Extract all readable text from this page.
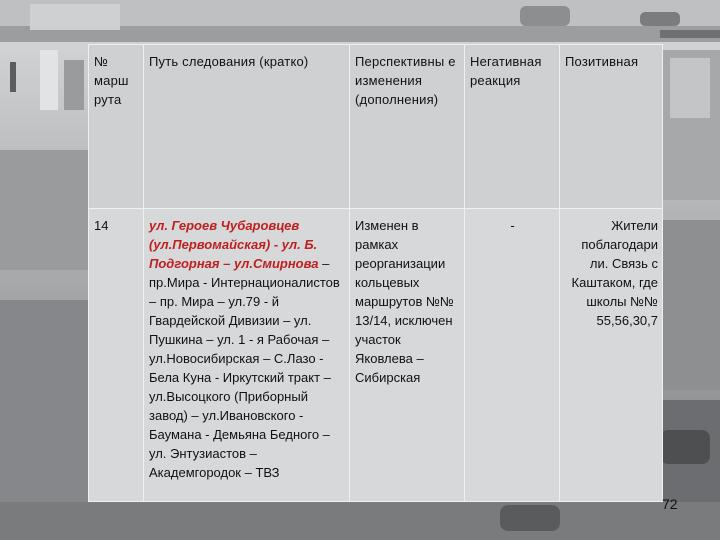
№ марш рута	Путь следования (кратко)	Перспективны е изменения (дополнения)	Негативная реакция	Позитивная
14	ул. Героев Чубаровцев (ул.Первомайская) - ул. Б. Подгорная – ул.Смирнова – пр.Мира - Интернационалистов – пр. Мира – ул.79 - й Гвардейской Дивизии – ул. Пушкина – ул. 1 - я Рабочая – ул.Новосибирская – С.Лазо - Бела Куна - Иркутский тракт – ул.Высоцкого (Приборный завод) – ул.Ивановского - Баумана - Демьяна Бедного – ул. Энтузиастов – Академгородок – ТВЗ	Изменен в рамках реорганизации кольцевых маршрутов №№ 13/14, исключен участок Яковлева – Сибирская	-	Жители поблагодари ли. Связь с Каштаком, где школы №№ 55,56,30,7
72
